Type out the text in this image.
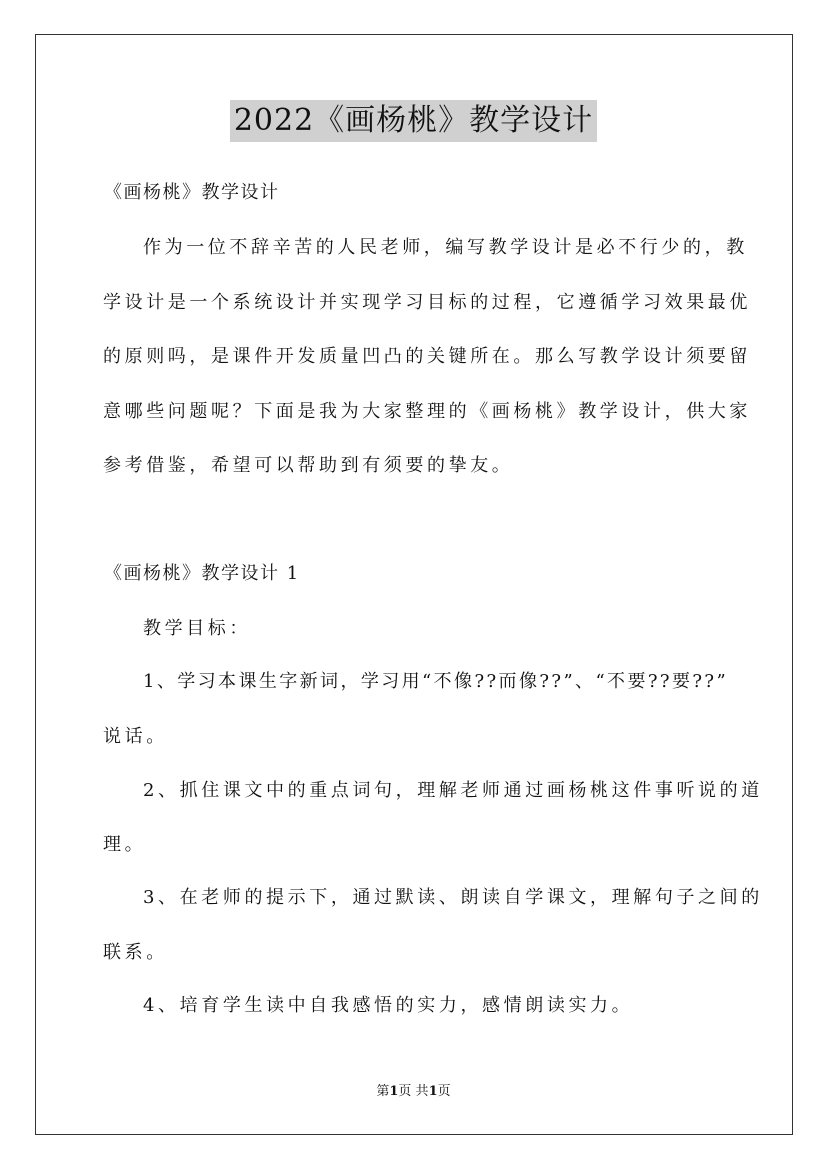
2022《画杨桃》教学设计
《画杨桃》教学设计
作为一位不辞辛苦的人民老师，编写教学设计是必不行少的，教
学设计是一个系统设计并实现学习目标的过程，它遵循学习效果最优
的原则吗，是课件开发质量凹凸的关键所在。那么写教学设计须要留
意哪些问题呢？下面是我为大家整理的《画杨桃》教学设计，供大家
参考借鉴，希望可以帮助到有须要的挚友。
《画杨桃》教学设计 1
教学目标：
1、学习本课生字新词，学习用“不像??而像??”、“不要??要??”
说话。
2、抓住课文中的重点词句，理解老师通过画杨桃这件事听说的道
理。
3、在老师的提示下，通过默读、朗读自学课文，理解句子之间的
联系。
4、培育学生读中自我感悟的实力，感情朗读实力。
第1页 共1页
